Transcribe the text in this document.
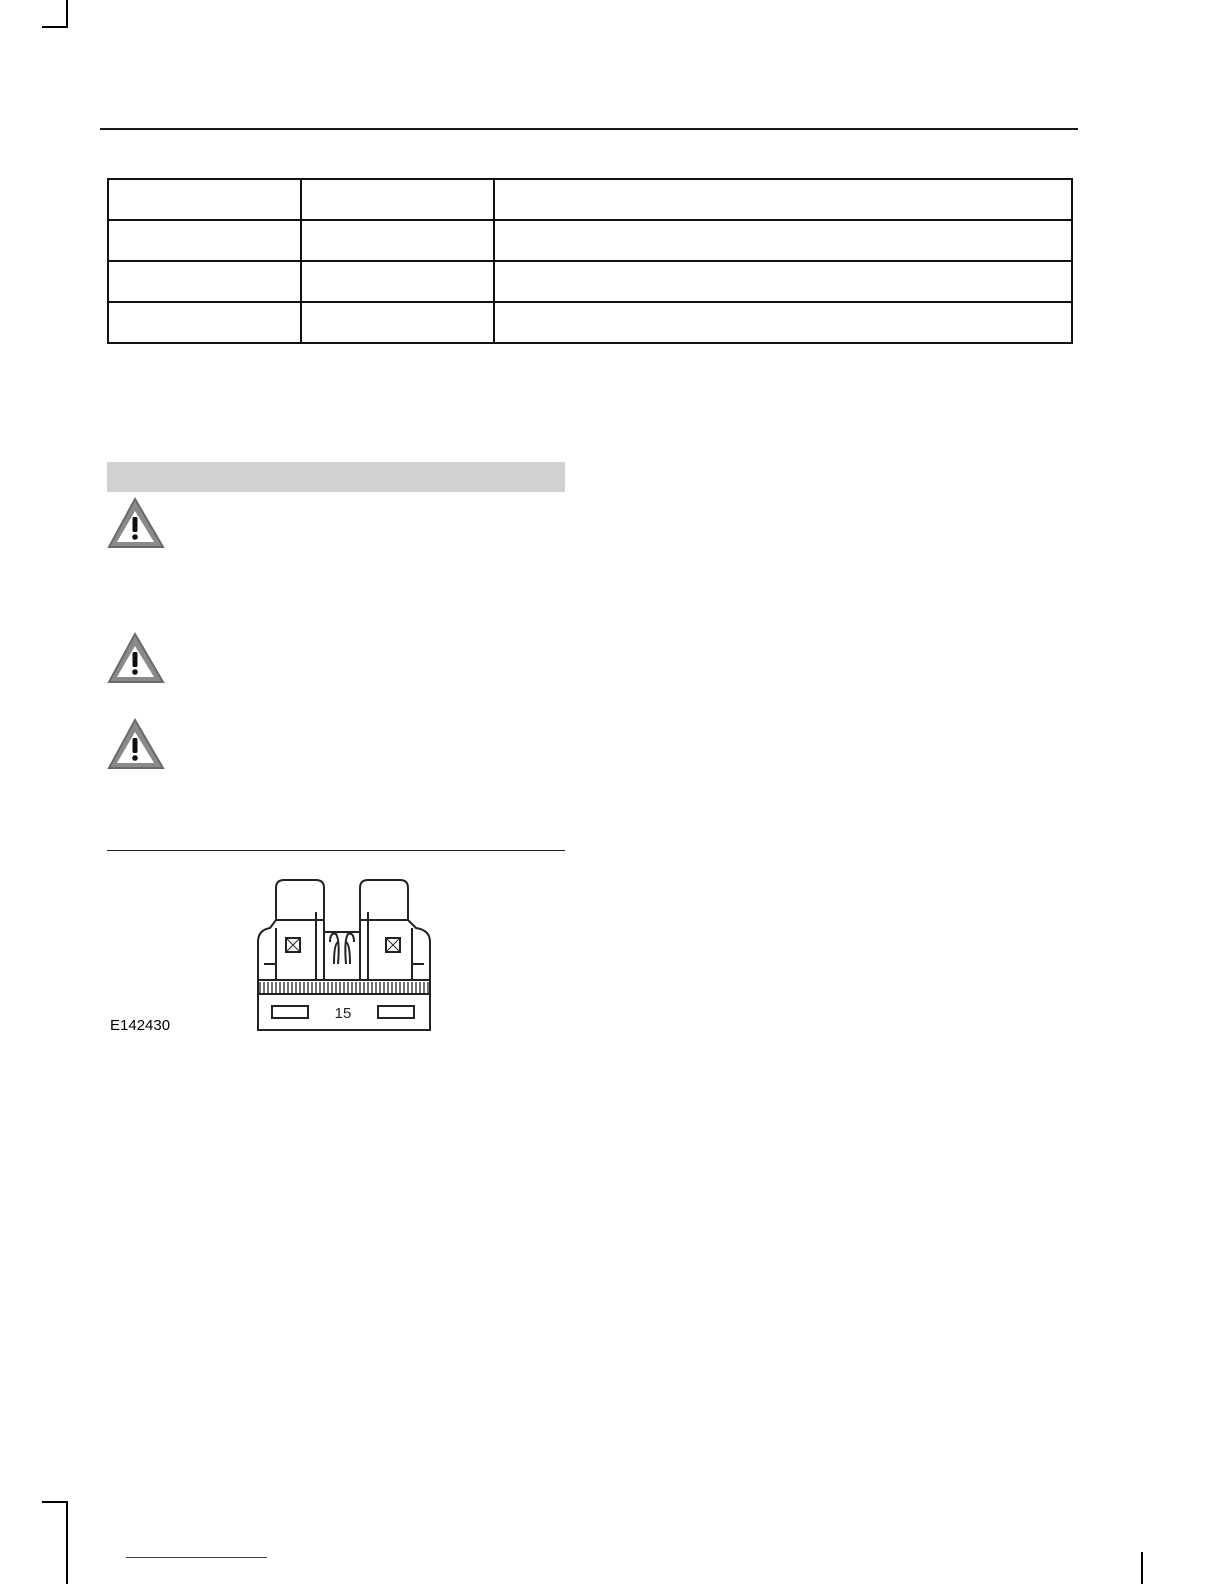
15
E142430
